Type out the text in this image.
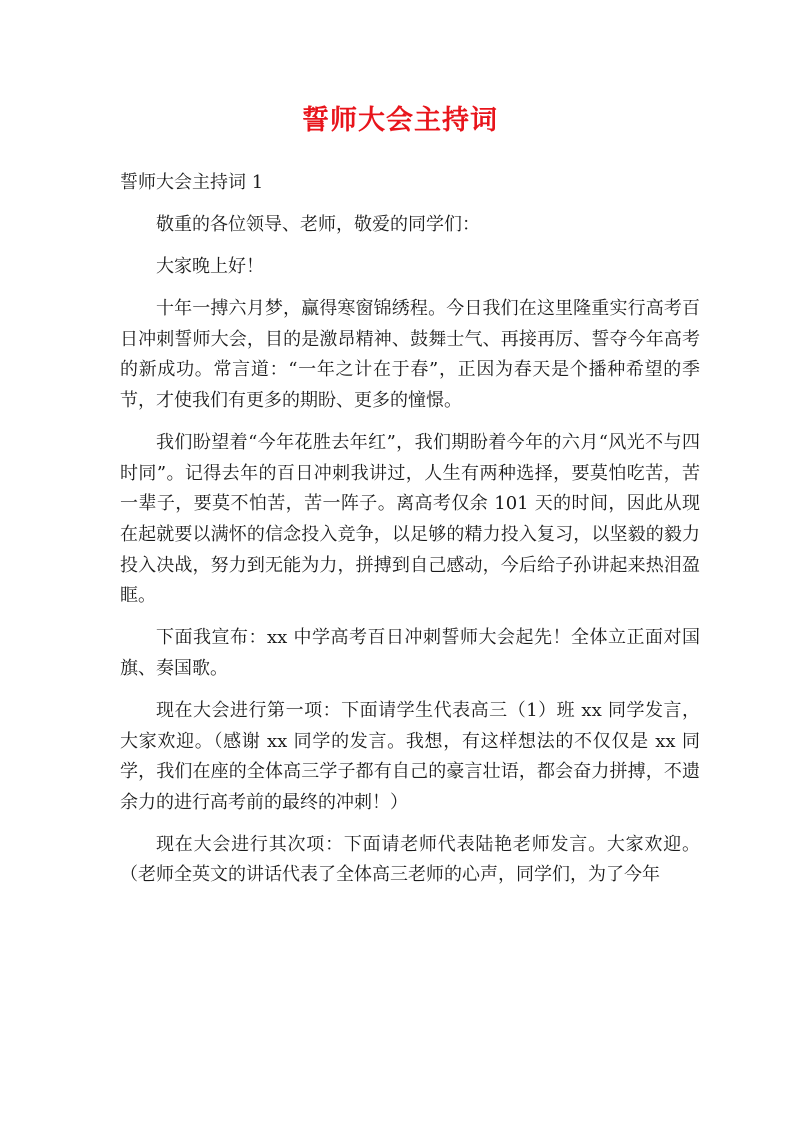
誓师大会主持词

誓师大会主持词 1

敬重的各位领导、老师，敬爱的同学们：

大家晚上好！

十年一搏六月梦，赢得寒窗锦绣程。今日我们在这里隆重实行高考百日冲刺誓师大会，目的是激昂精神、鼓舞士气、再接再厉、誓夺今年高考的新成功。常言道：“一年之计在于春”，正因为春天是个播种希望的季节，才使我们有更多的期盼、更多的憧憬。

我们盼望着“今年花胜去年红”，我们期盼着今年的六月“风光不与四时同”。记得去年的百日冲刺我讲过，人生有两种选择，要莫怕吃苦，苦一辈子，要莫不怕苦，苦一阵子。离高考仅余 101 天的时间，因此从现在起就要以满怀的信念投入竞争，以足够的精力投入复习，以坚毅的毅力投入决战，努力到无能为力，拼搏到自己感动，今后给子孙讲起来热泪盈眶。

下面我宣布：xx 中学高考百日冲刺誓师大会起先！全体立正面对国旗、奏国歌。

现在大会进行第一项：下面请学生代表高三（1）班 xx 同学发言，大家欢迎。（感谢 xx 同学的发言。我想，有这样想法的不仅仅是 xx 同学，我们在座的全体高三学子都有自己的豪言壮语，都会奋力拼搏，不遗余力的进行高考前的最终的冲刺！）

现在大会进行其次项：下面请老师代表陆艳老师发言。大家欢迎。（老师全英文的讲话代表了全体高三老师的心声，同学们，为了今年
